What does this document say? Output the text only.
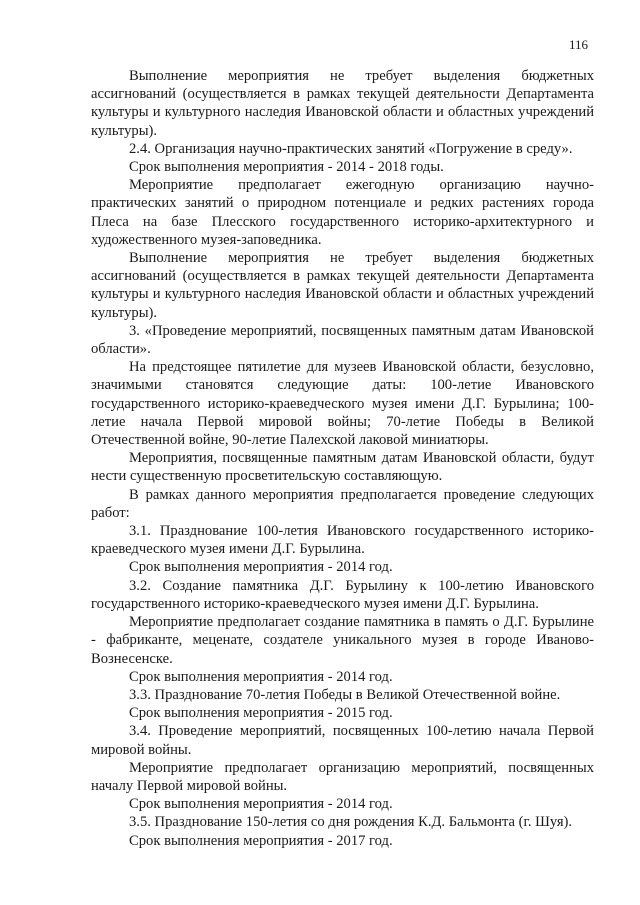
116

Выполнение мероприятия не требует выделения бюджетных ассигнований (осуществляется в рамках текущей деятельности Департамента культуры и культурного наследия Ивановской области и областных учреждений культуры).

2.4. Организация научно-практических занятий «Погружение в среду».

Срок выполнения мероприятия - 2014 - 2018 годы.

Мероприятие предполагает ежегодную организацию научно-практических занятий о природном потенциале и редких растениях города Плеса на базе Плесского государственного историко-архитектурного и художественного музея-заповедника.

Выполнение мероприятия не требует выделения бюджетных ассигнований (осуществляется в рамках текущей деятельности Департамента культуры и культурного наследия Ивановской области и областных учреждений культуры).

3. «Проведение мероприятий, посвященных памятным датам Ивановской области».

На предстоящее пятилетие для музеев Ивановской области, безусловно, значимыми становятся следующие даты: 100-летие Ивановского государственного историко-краеведческого музея имени Д.Г. Бурылина; 100-летие начала Первой мировой войны; 70-летие Победы в Великой Отечественной войне, 90-летие Палехской лаковой миниатюры.

Мероприятия, посвященные памятным датам Ивановской области, будут нести существенную просветительскую составляющую.

В рамках данного мероприятия предполагается проведение следующих работ:

3.1. Празднование 100-летия Ивановского государственного историко-краеведческого музея имени Д.Г. Бурылина.

Срок выполнения мероприятия - 2014 год.

3.2. Создание памятника Д.Г. Бурылину к 100-летию Ивановского государственного историко-краеведческого музея имени Д.Г. Бурылина.

Мероприятие предполагает создание памятника в память о Д.Г. Бурылине - фабриканте, меценате, создателе уникального музея в городе Иваново-Вознесенске.

Срок выполнения мероприятия - 2014 год.

3.3. Празднование 70-летия Победы в Великой Отечественной войне.

Срок выполнения мероприятия - 2015 год.

3.4. Проведение мероприятий, посвященных 100-летию начала Первой мировой войны.

Мероприятие предполагает организацию мероприятий, посвященных началу Первой мировой войны.

Срок выполнения мероприятия - 2014 год.

3.5. Празднование 150-летия со дня рождения К.Д. Бальмонта (г. Шуя).

Срок выполнения мероприятия - 2017 год.
